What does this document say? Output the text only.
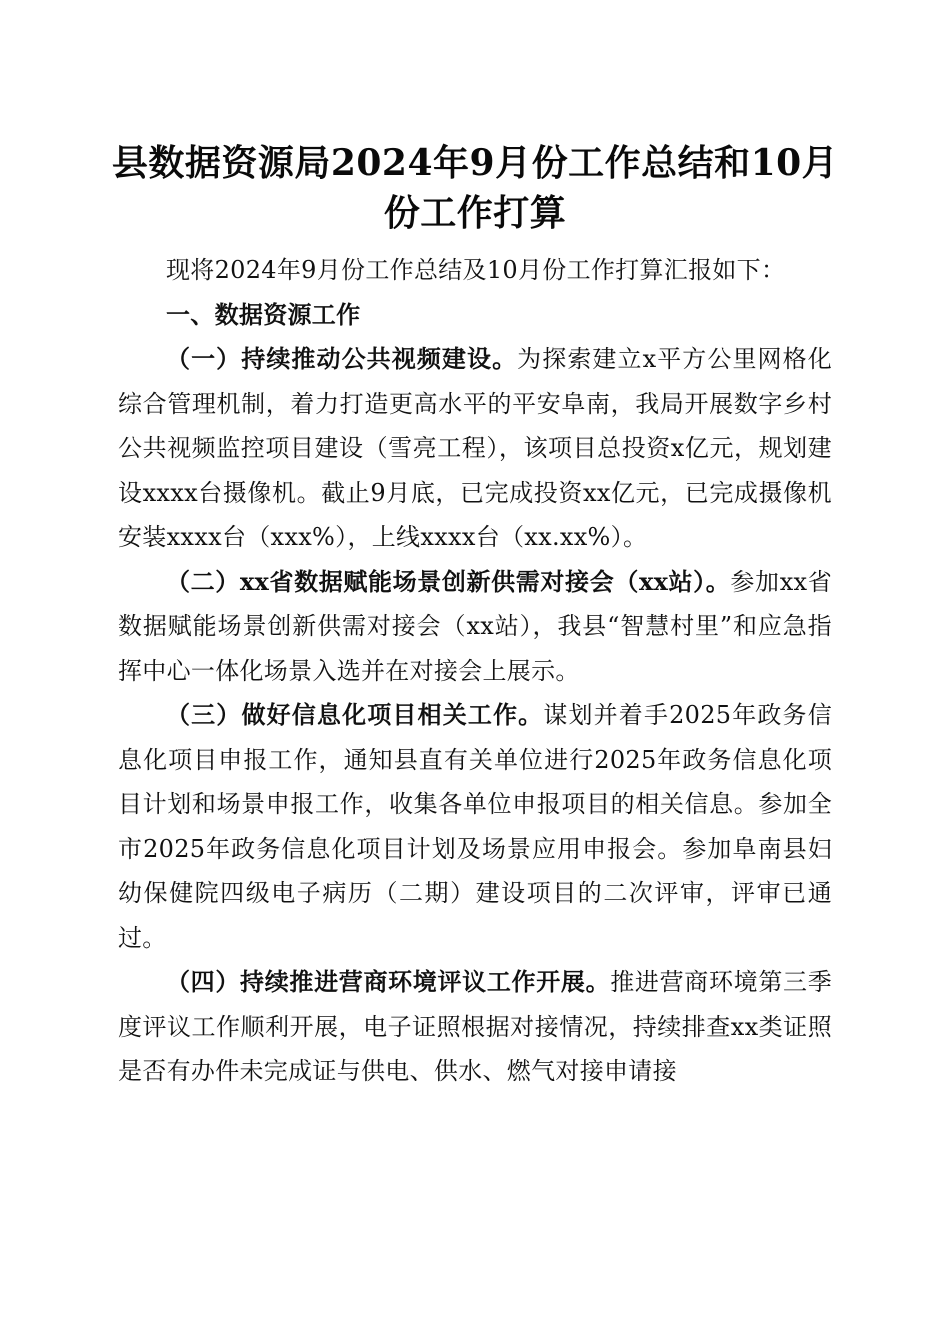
县数据资源局2024年9月份工作总结和10月份工作打算

现将2024年9月份工作总结及10月份工作打算汇报如下：

一、数据资源工作

（一）持续推动公共视频建设。为探索建立x平方公里网格化综合管理机制，着力打造更高水平的平安阜南，我局开展数字乡村公共视频监控项目建设（雪亮工程），该项目总投资x亿元，规划建设xxxx台摄像机。截止9月底，已完成投资xx亿元，已完成摄像机安装xxxx台（xxx%），上线xxxx台（xx.xx%）。

（二）xx省数据赋能场景创新供需对接会（xx站）。参加xx省数据赋能场景创新供需对接会（xx站），我县“智慧村里”和应急指挥中心一体化场景入选并在对接会上展示。

（三）做好信息化项目相关工作。谋划并着手2025年政务信息化项目申报工作，通知县直有关单位进行2025年政务信息化项目计划和场景申报工作，收集各单位申报项目的相关信息。参加全市2025年政务信息化项目计划及场景应用申报会。参加阜南县妇幼保健院四级电子病历（二期）建设项目的二次评审，评审已通过。

（四）持续推进营商环境评议工作开展。推进营商环境第三季度评议工作顺利开展，电子证照根据对接情况，持续排查xx类证照是否有办件未完成证与供电、供水、燃气对接申请接
